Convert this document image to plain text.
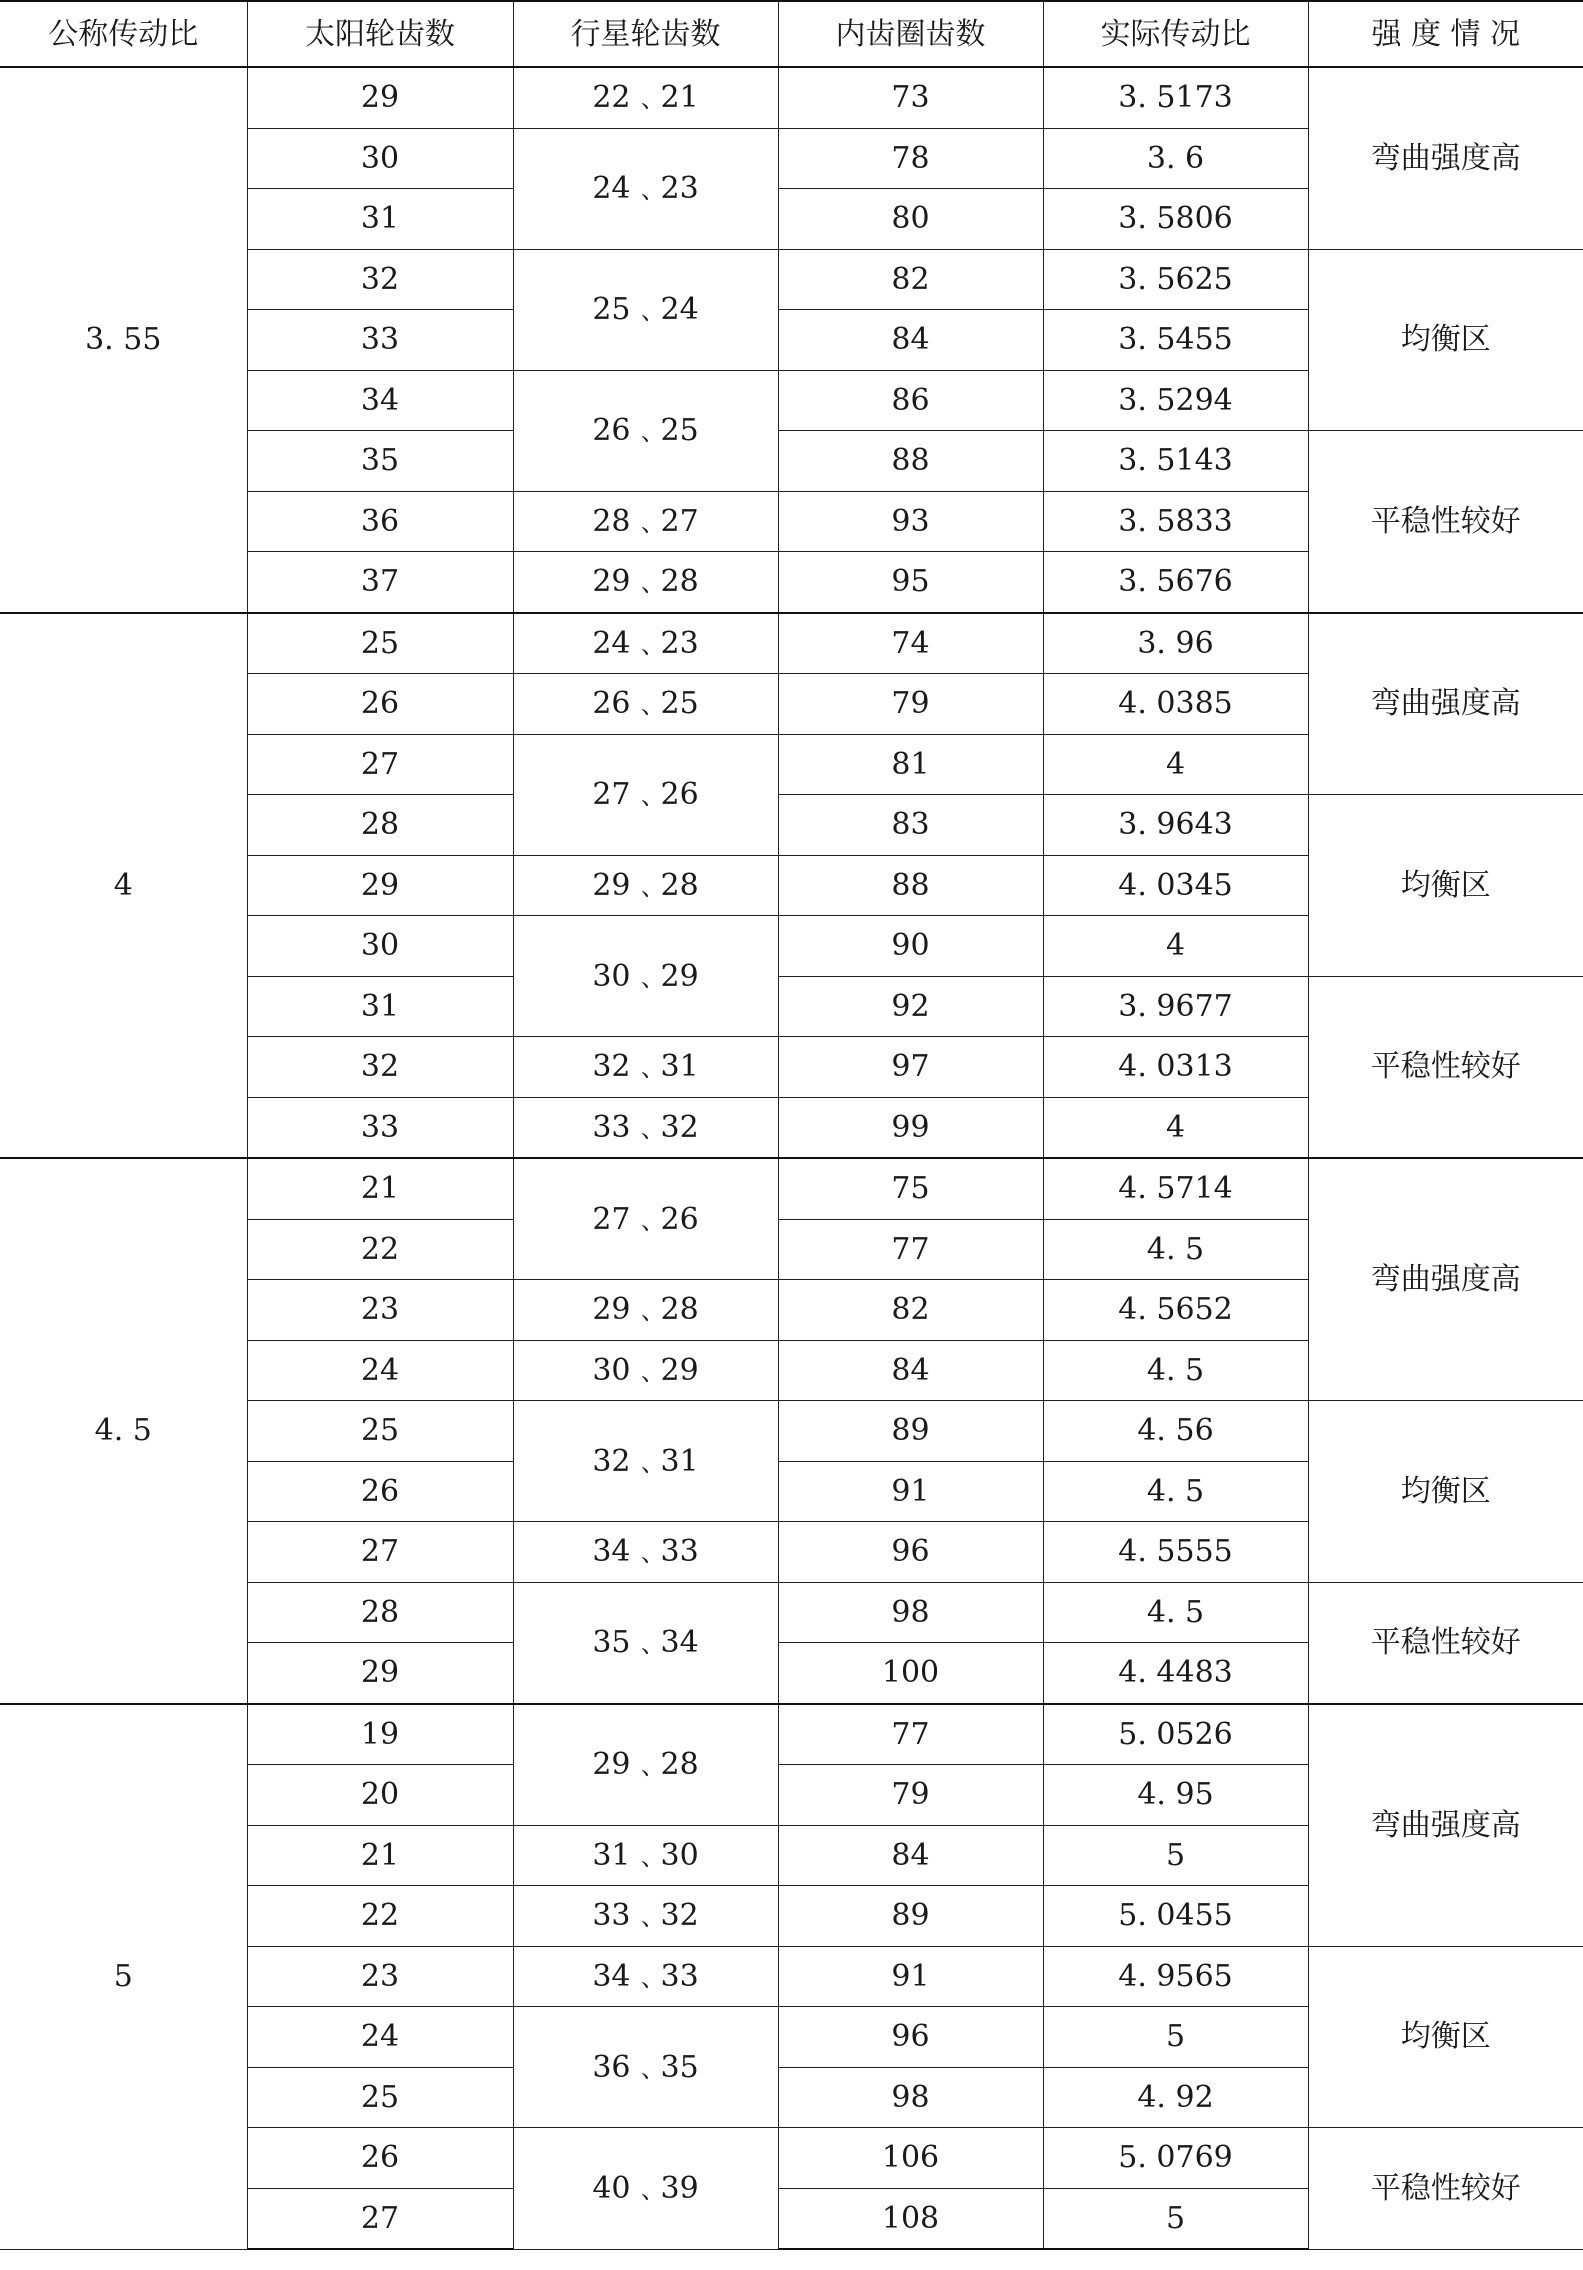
公称传动比	太阳轮齿数	行星轮齿数	内齿圈齿数	实际传动比	强 度 情 况
3. 55	29	22﹑21	73	3. 5173	弯曲强度高
	30	24﹑23	78	3. 6	
	31		80	3. 5806	
	32	25﹑24	82	3. 5625	均衡区
	33		84	3. 5455	
	34	26﹑25	86	3. 5294	
	35		88	3. 5143	平稳性较好
	36	28﹑27	93	3. 5833	
	37	29﹑28	95	3. 5676	
4	25	24﹑23	74	3. 96	弯曲强度高
	26	26﹑25	79	4. 0385	
	27	27﹑26	81	4	
	28		83	3. 9643	均衡区
	29	29﹑28	88	4. 0345	
	30	30﹑29	90	4	
	31		92	3. 9677	平稳性较好
	32	32﹑31	97	4. 0313	
	33	33﹑32	99	4	
4. 5	21	27﹑26	75	4. 5714	弯曲强度高
	22		77	4. 5	
	23	29﹑28	82	4. 5652	
	24	30﹑29	84	4. 5	
	25	32﹑31	89	4. 56	均衡区
	26		91	4. 5	
	27	34﹑33	96	4. 5555	
	28	35﹑34	98	4. 5	平稳性较好
	29		100	4. 4483	
5	19	29﹑28	77	5. 0526	弯曲强度高
	20		79	4. 95	
	21	31﹑30	84	5	
	22	33﹑32	89	5. 0455	
	23	34﹑33	91	4. 9565	均衡区
	24	36﹑35	96	5	
	25		98	4. 92	
	26	40﹑39	106	5. 0769	平稳性较好
	27		108	5	
